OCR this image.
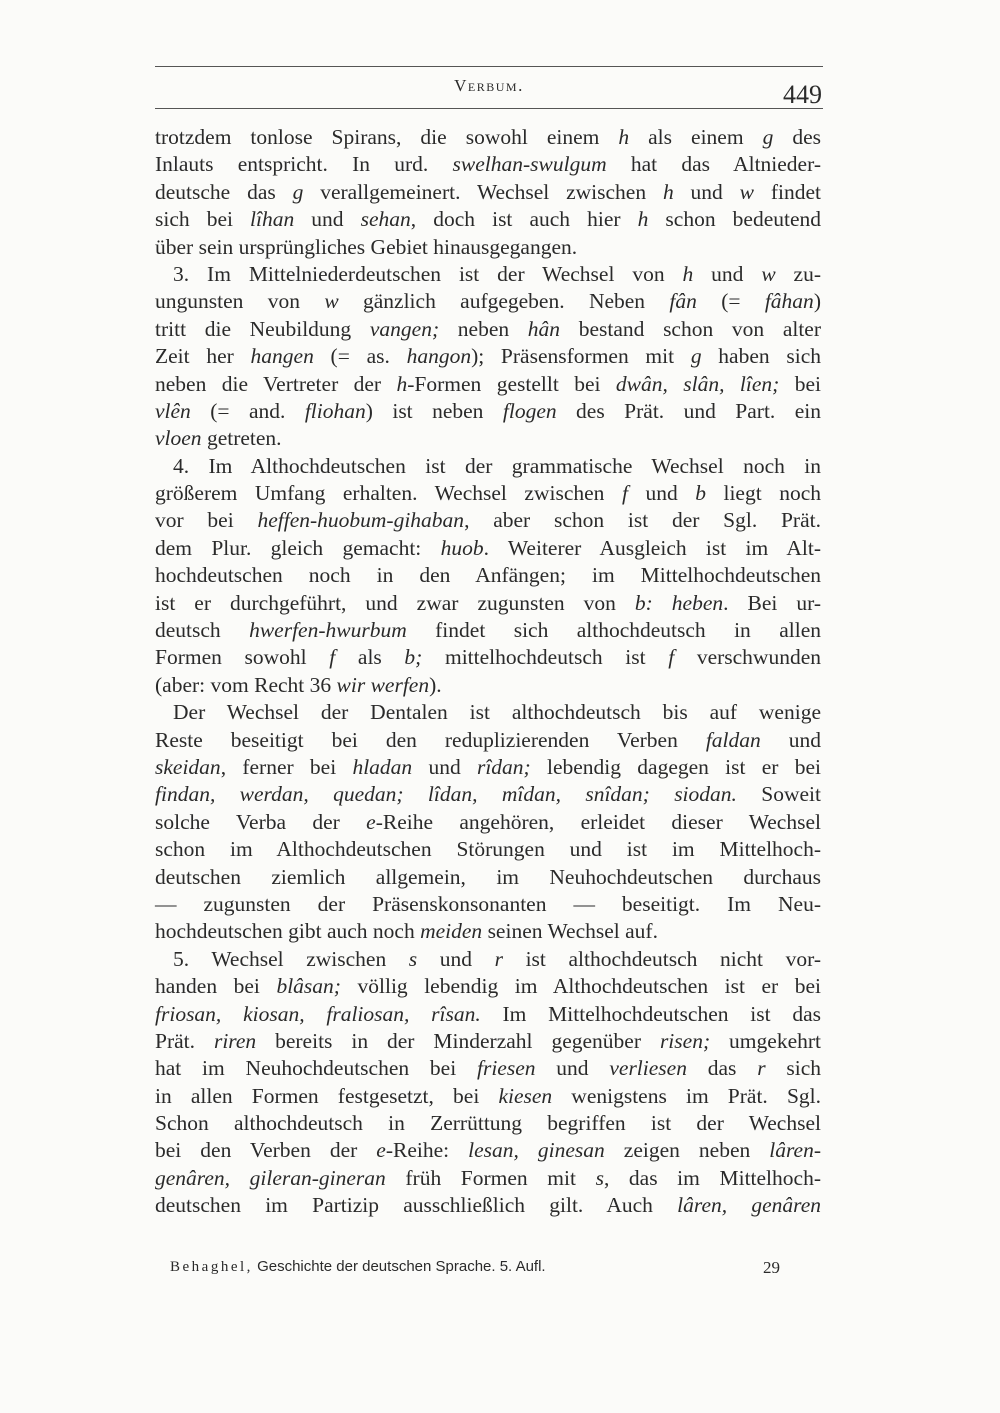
Verbum.	449
trotzdem tonlose Spirans, die sowohl einem h als einem g des
Inlauts entspricht. In urd. swelhan-swulgum hat das Altnieder-
deutsche das g verallgemeinert. Wechsel zwischen h und w findet
sich bei lîhan und sehan, doch ist auch hier h schon bedeutend
über sein ursprüngliches Gebiet hinausgegangen.
3. Im Mittelniederdeutschen ist der Wechsel von h und w zu-
ungunsten von w gänzlich aufgegeben. Neben fân (= fâhan)
tritt die Neubildung vangen; neben hân bestand schon von alter
Zeit her hangen (= as. hangon); Präsensformen mit g haben sich
neben die Vertreter der h-Formen gestellt bei dwân, slân, lîen; bei
vlên (= and. fliohan) ist neben flogen des Prät. und Part. ein
vloen getreten.
4. Im Althochdeutschen ist der grammatische Wechsel noch in
größerem Umfang erhalten. Wechsel zwischen f und b liegt noch
vor bei heffen-huobum-gihaban, aber schon ist der Sgl. Prät.
dem Plur. gleich gemacht: huob. Weiterer Ausgleich ist im Alt-
hochdeutschen noch in den Anfängen; im Mittelhochdeutschen
ist er durchgeführt, und zwar zugunsten von b: heben. Bei ur-
deutsch hwerfen-hwurbum findet sich althochdeutsch in allen
Formen sowohl f als b; mittelhochdeutsch ist f verschwunden
(aber: vom Recht 36 wir werfen).
Der Wechsel der Dentalen ist althochdeutsch bis auf wenige
Reste beseitigt bei den reduplizierenden Verben faldan und
skeidan, ferner bei hladan und rîdan; lebendig dagegen ist er bei
findan, werdan, quedan; lîdan, mîdan, snîdan; siodan. Soweit
solche Verba der e-Reihe angehören, erleidet dieser Wechsel
schon im Althochdeutschen Störungen und ist im Mittelhoch-
deutschen ziemlich allgemein, im Neuhochdeutschen durchaus
— zugunsten der Präsenskonsonanten — beseitigt. Im Neu-
hochdeutschen gibt auch noch meiden seinen Wechsel auf.
5. Wechsel zwischen s und r ist althochdeutsch nicht vor-
handen bei blâsan; völlig lebendig im Althochdeutschen ist er bei
friosan, kiosan, fraliosan, rîsan. Im Mittelhochdeutschen ist das
Prät. riren bereits in der Minderzahl gegenüber risen; umgekehrt
hat im Neuhochdeutschen bei friesen und verliesen das r sich
in allen Formen festgesetzt, bei kiesen wenigstens im Prät. Sgl.
Schon althochdeutsch in Zerrüttung begriffen ist der Wechsel
bei den Verben der e-Reihe: lesan, ginesan zeigen neben lâren-
genâren, gileran-gineran früh Formen mit s, das im Mittelhoch-
deutschen im Partizip ausschließlich gilt. Auch lâren, genâren
Behaghel, Geschichte der deutschen Sprache. 5. Aufl.	29
